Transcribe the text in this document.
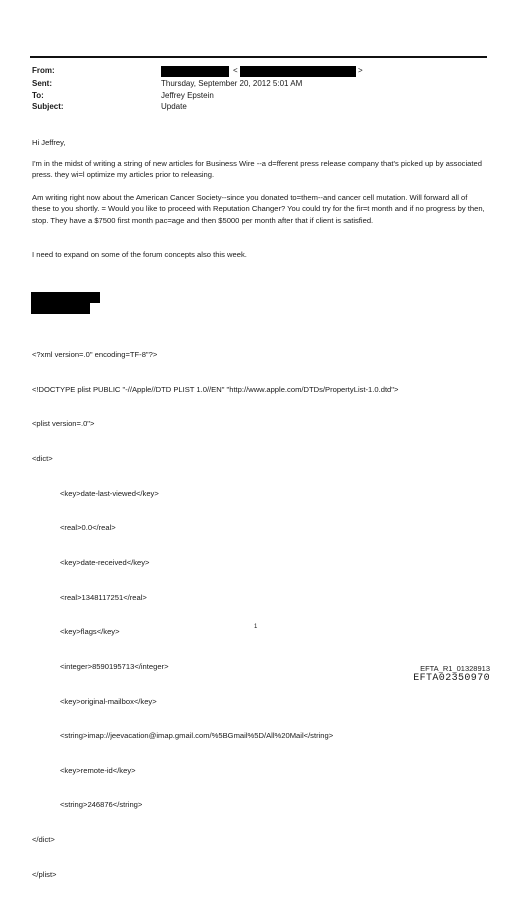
From:	<	>
Sent:	Thursday, September 20, 2012 5:01 AM
To:	Jeffrey Epstein
Subject:	Update

Hi Jeffrey,

I'm in the midst of writing a string of new articles for Business Wire --a d=fferent press release company that's picked up by associated press. they wi=l optimize my articles prior to releasing.

Am writing right now about the American Cancer Society--since you donated to=them--and cancer cell mutation. Will forward all of these to you shortly. = Would you like to proceed with Reputation Changer? You could try for the fir=t month and if no progress by then, stop. They have a $7500 first month pac=age and then $5000 per month after that if client is satisfied.

I need to expand on some of the forum concepts also this week.

<?xml version=.0" encoding=TF-8"?>

<!DOCTYPE plist PUBLIC "-//Apple//DTD PLIST 1.0//EN" "http://www.apple.com/DTDs/PropertyList-1.0.dtd">

<plist version=.0">

<dict>

<key>date-last-viewed</key>

<real>0.0</real>

<key>date-received</key>

<real>1348117251</real>

<key>flags</key>

<integer>8590195713</integer>

<key>original-mailbox</key>

<string>imap://jeevacation@imap.gmail.com/%5BGmail%5D/All%20Mail</string>

<key>remote-id</key>

<string>246876</string>

</dict>

</plist>

1
EFTA_R1_01328913
EFTA02350970
